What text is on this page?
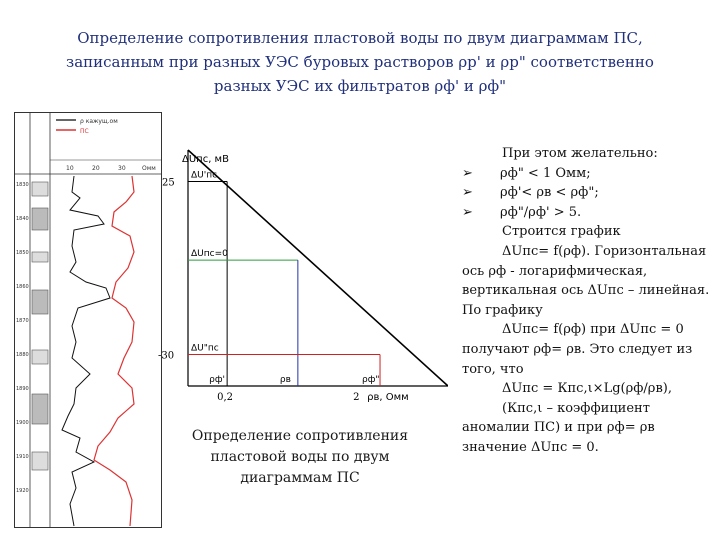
Определение сопротивления пластовой воды по двум диаграммам ПС,
записанным при разных УЭС буровых растворов ρр' и ρр" соответственно
разных УЭС их фильтратов ρф' и ρф"
ρ кажущ.ом
ПС
10	20	30	Омм
1830
1840
1850
1860
1870
1880
1890
1900
1910
1920
ΔUпс, мВ
ΔU'пс
ΔUпс=0
ΔU"пс
25
-30
ρф'	ρв	ρф"
0,2	2 ρв, Омм
Определение сопротивления
пластовой воды по двум
диаграммам ПС
При этом желательно:
➢ ρф" < 1 Омм;
➢ ρф'< ρв < ρф";
➢ ρф"/ρф' > 5.
Строится график
ΔUпс= f(ρф). Горизонтальная
ось ρф - логарифмическая,
вертикальная ось ΔUпс – линейная.
По графику
ΔUпс= f(ρф) при ΔUпс = 0
получают ρф= ρв. Это следует из
того, что
ΔUпс = Кпс,ι×Lg(ρф/ρв),
(Кпс,ι – коэффициент
аномалии ПС) и при ρф= ρв
значение ΔUпс = 0.
